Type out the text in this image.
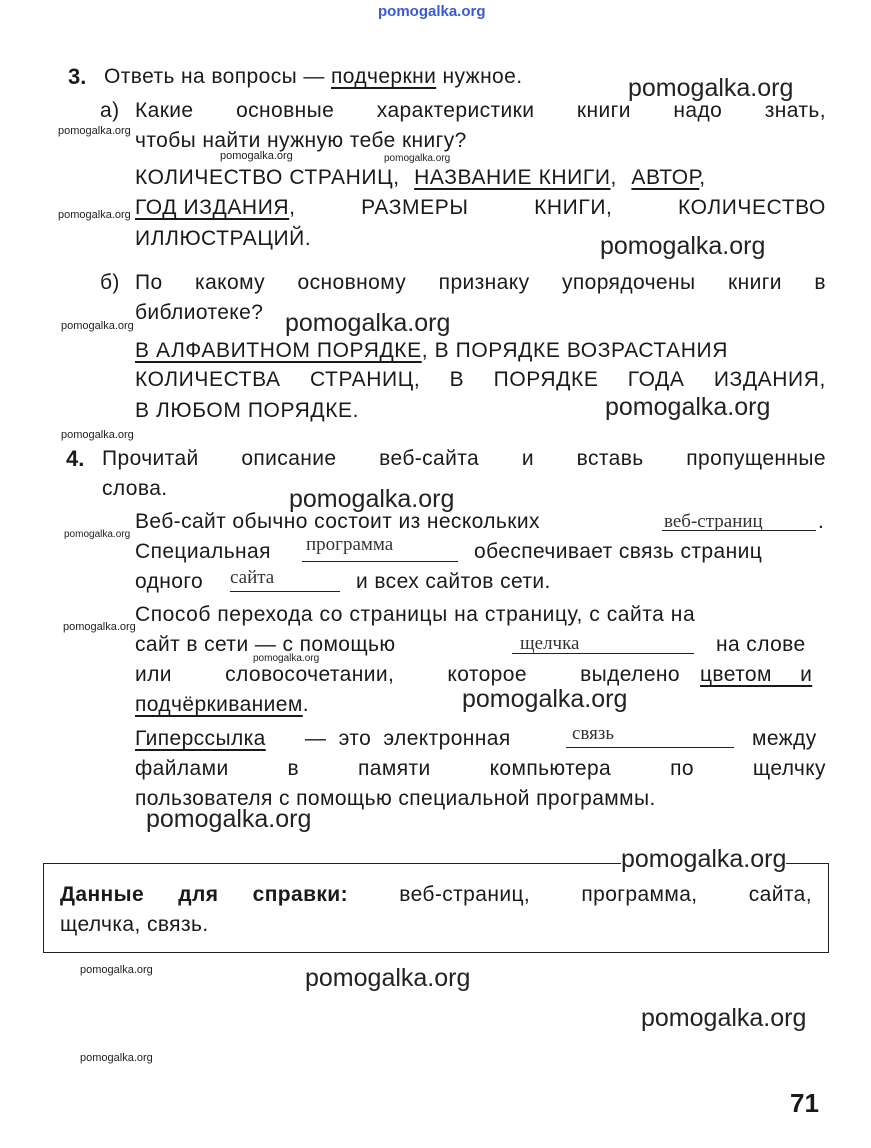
pomogalka.org
3. Ответь на вопросы — подчеркни нужное.
а) Какие основные характеристики книги надо знать,
чтобы найти нужную тебе книгу?
КОЛИЧЕСТВО СТРАНИЦ, НАЗВАНИЕ КНИГИ, АВТОР,
ГОД ИЗДАНИЯ,	РАЗМЕРЫ	КНИГИ,	КОЛИЧЕСТВО
ИЛЛЮСТРАЦИЙ.
б) По какому основному признаку упорядочены книги в
библиотеке?
В АЛФАВИТНОМ ПОРЯДКЕ, В ПОРЯДКЕ ВОЗРАСТАНИЯ
КОЛИЧЕСТВА СТРАНИЦ, В ПОРЯДКЕ ГОДА ИЗДАНИЯ,
В ЛЮБОМ ПОРЯДКЕ.
4. Прочитай описание веб-сайта и вставь пропущенные
слова.
Веб-сайт обычно состоит из нескольких	веб-страниц	.
Специальная программа	обеспечивает связь страниц
одного сайта	и всех сайтов сети.
Способ перехода со страницы на страницу, с сайта на
сайт в сети — с помощью	щелчка	на слове
или	словосочетании,	которое	выделено цветом и
подчёркиванием.
Гиперссылка — это электронная	связь	между
файлами	в	памяти	компьютера	по	щелчку
пользователя с помощью специальной программы.
Данные для справки: веб-страниц, программа, сайта,
щелчка, связь.
71
pomogalka.org
pomogalka.org
pomogalka.org
pomogalka.org
pomogalka.org
pomogalka.org
pomogalka.org
pomogalka.org
pomogalka.org
pomogalka.org
pomogalka.org
pomogalka.org	pomogalka.org
pomogalka.org
pomogalka.org
pomogalka.org
pomogalka.org
pomogalka.org
pomogalka.org
pomogalka.org
pomogalka.org
